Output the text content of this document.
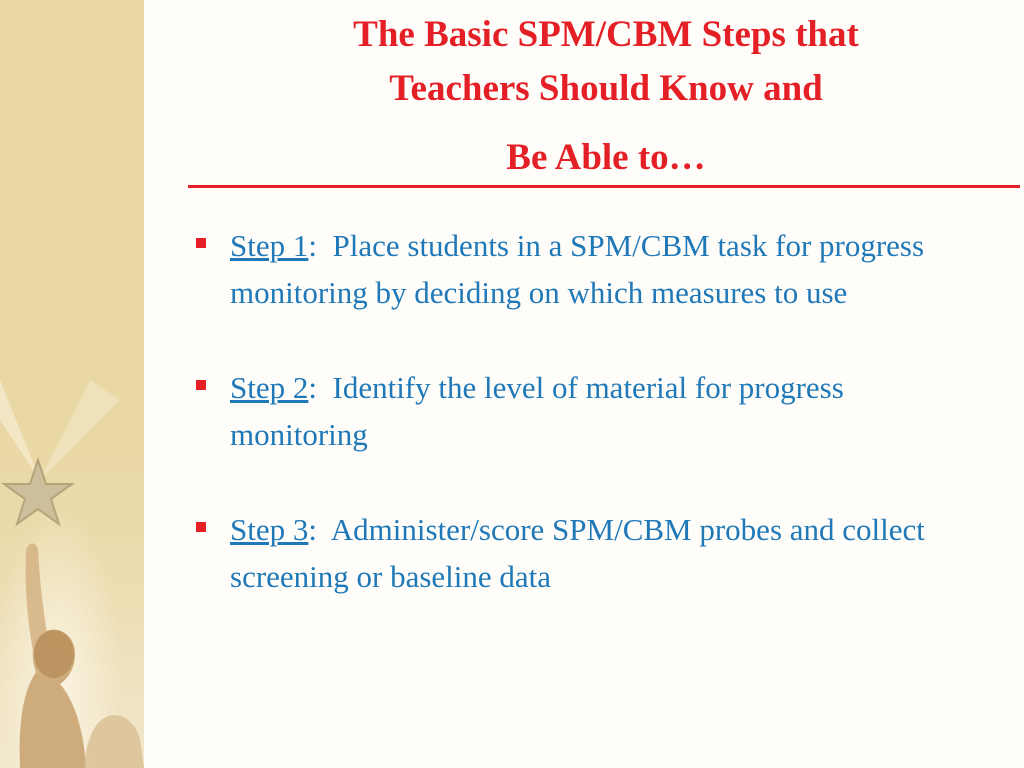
The Basic SPM/CBM Steps that
Teachers Should Know and
Be Able to…
Step 1:  Place students in a SPM/CBM task for progress monitoring by deciding on which measures to use
Step 2:  Identify the level of material for progress monitoring
Step 3:  Administer/score SPM/CBM probes and collect screening or baseline data
